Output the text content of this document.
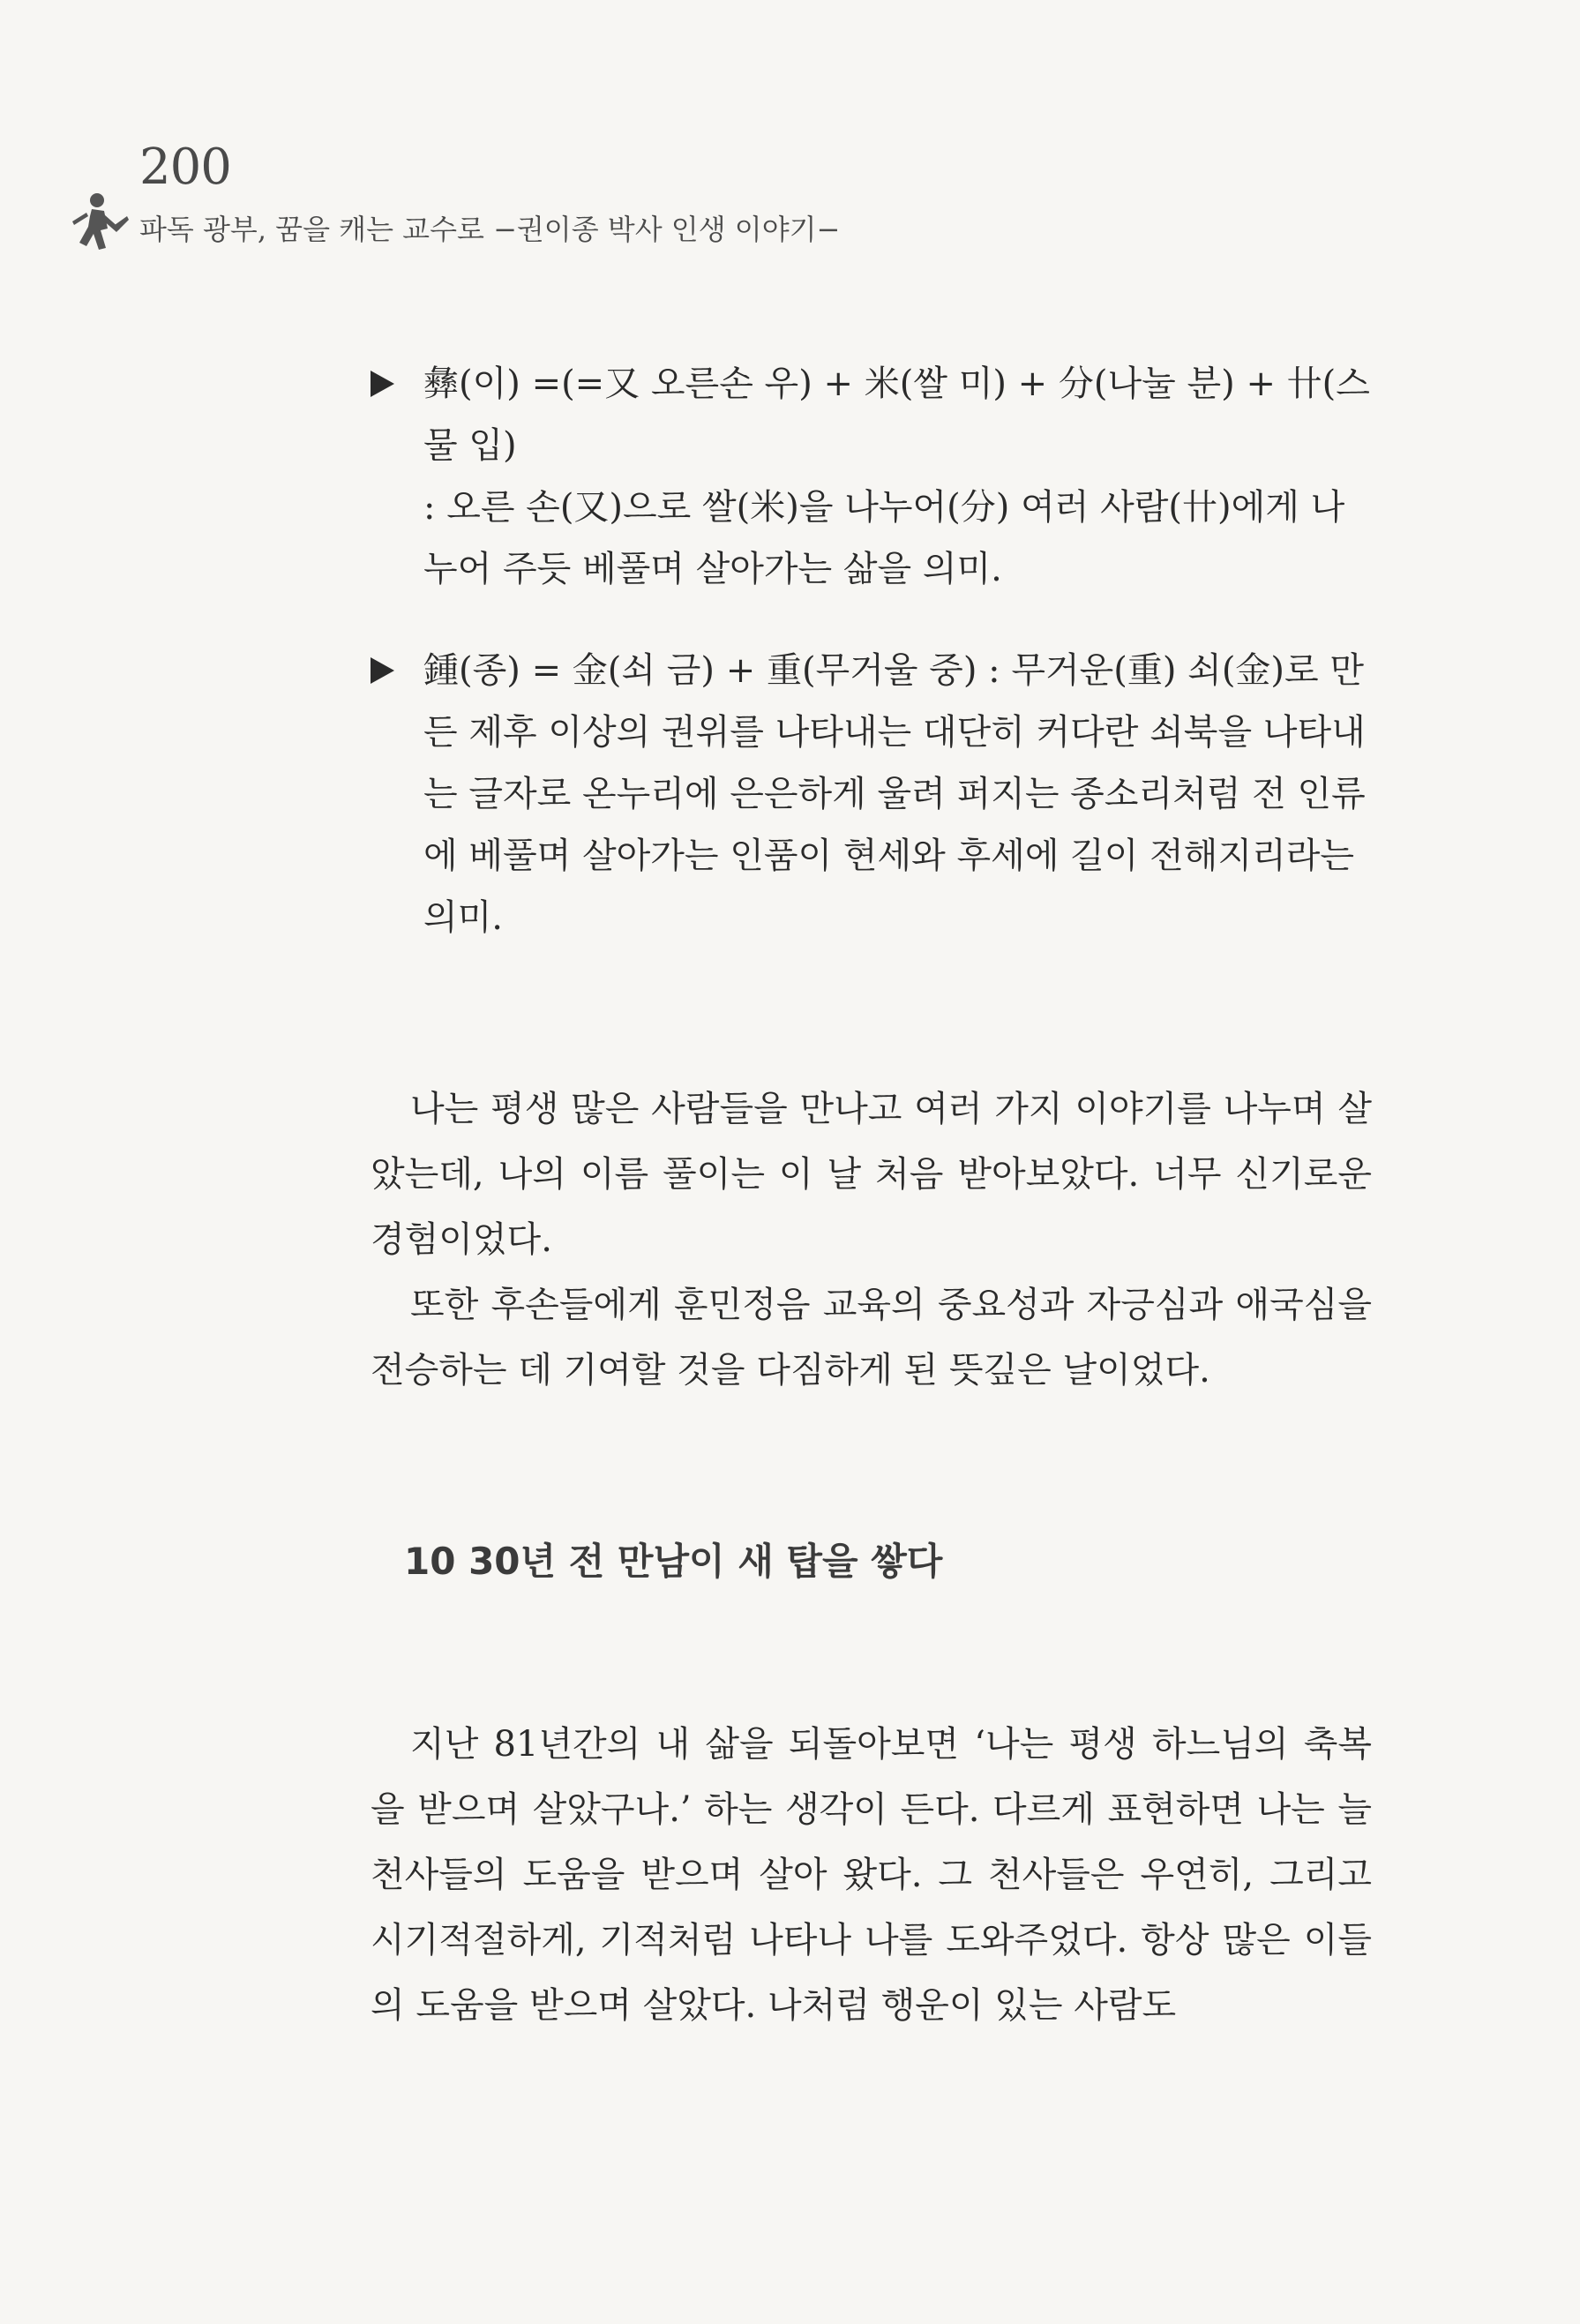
200
파독 광부, 꿈을 캐는 교수로 −권이종 박사 인생 이야기−

彝(이) =(=又 오른손 우) + 米(쌀 미) + 分(나눌 분) + 卄(스물 입)

: 오른 손(又)으로 쌀(米)을 나누어(分) 여러 사람(卄)에게 나누어 주듯 베풀며 살아가는 삶을 의미.

鍾(종) = 金(쇠 금) + 重(무거울 중) : 무거운(重) 쇠(金)로 만든 제후 이상의 권위를 나타내는 대단히 커다란 쇠북을 나타내는 글자로 온누리에 은은하게 울려 퍼지는 종소리처럼 전 인류에 베풀며 살아가는 인품이 현세와 후세에 길이 전해지리라는 의미.

나는 평생 많은 사람들을 만나고 여러 가지 이야기를 나누며 살았는데, 나의 이름 풀이는 이 날 처음 받아보았다. 너무 신기로운 경험이었다.

또한 후손들에게 훈민정음 교육의 중요성과 자긍심과 애국심을 전승하는 데 기여할 것을 다짐하게 된 뜻깊은 날이었다.

10 30년 전 만남이 새 탑을 쌓다

지난 81년간의 내 삶을 되돌아보면 ‘나는 평생 하느님의 축복을 받으며 살았구나.’ 하는 생각이 든다. 다르게 표현하면 나는 늘 천사들의 도움을 받으며 살아 왔다. 그 천사들은 우연히, 그리고 시기적절하게, 기적처럼 나타나 나를 도와주었다. 항상 많은 이들의 도움을 받으며 살았다. 나처럼 행운이 있는 사람도
